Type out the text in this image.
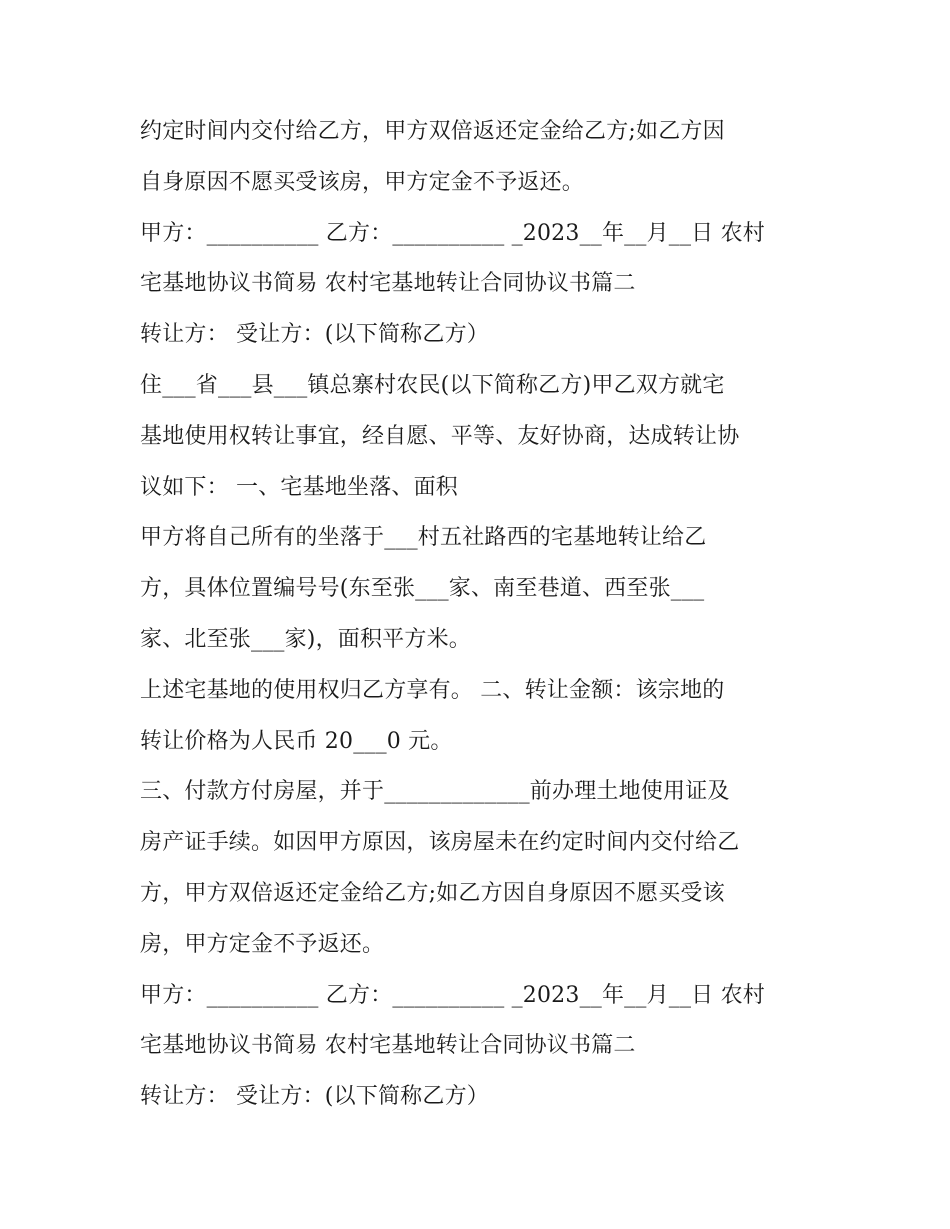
约定时间内交付给乙方，甲方双倍返还定金给乙方;如乙方因
自身原因不愿买受该房，甲方定金不予返还。
甲方：__________ 乙方：__________ _2023__年__月__日 农村
宅基地协议书简易 农村宅基地转让合同协议书篇二
转让方： 受让方：(以下简称乙方）
住___省___县___镇总寨村农民(以下简称乙方)甲乙双方就宅
基地使用权转让事宜，经自愿、平等、友好协商，达成转让协
议如下： 一、宅基地坐落、面积
甲方将自己所有的坐落于___村五社路西的宅基地转让给乙
方，具体位置编号号(东至张___家、南至巷道、西至张___
家、北至张___家)，面积平方米。
上述宅基地的使用权归乙方享有。 二、转让金额：该宗地的
转让价格为人民币 20___0 元。
三、付款方付房屋，并于_____________前办理土地使用证及
房产证手续。如因甲方原因，该房屋未在约定时间内交付给乙
方，甲方双倍返还定金给乙方;如乙方因自身原因不愿买受该
房，甲方定金不予返还。
甲方：__________ 乙方：__________ _2023__年__月__日 农村
宅基地协议书简易 农村宅基地转让合同协议书篇二
转让方： 受让方：(以下简称乙方）
